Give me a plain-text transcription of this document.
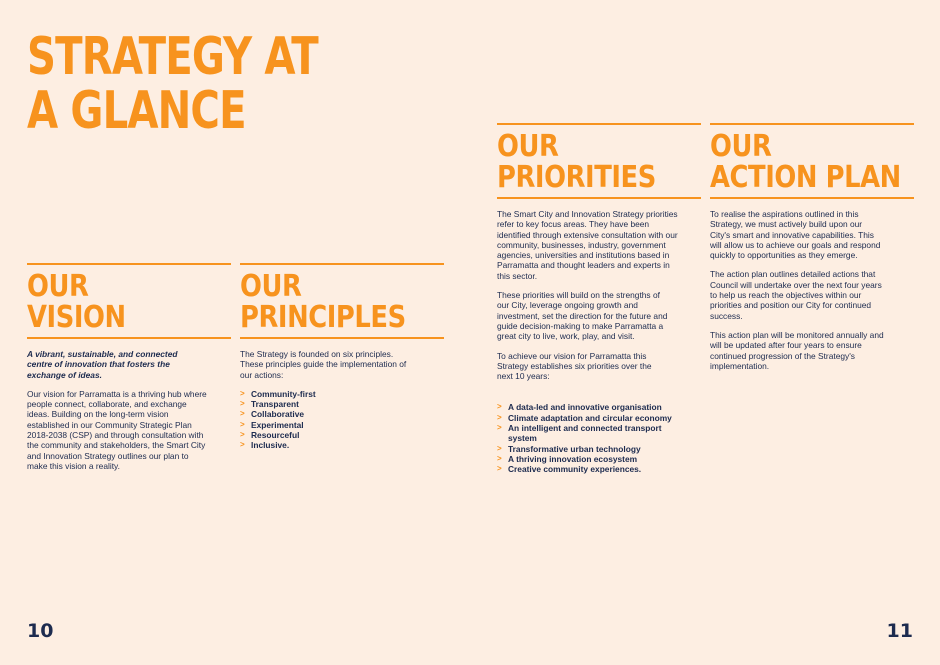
STRATEGY AT
A GLANCE
OUR
VISION

A vibrant, sustainable, and connected centre of innovation that fosters the exchange of ideas.

Our vision for Parramatta is a thriving hub where people connect, collaborate, and exchange ideas. Building on the long-term vision established in our Community Strategic Plan 2018-2038 (CSP) and through consultation with the community and stakeholders, the Smart City and Innovation Strategy outlines our plan to make this vision a reality.

OUR
PRINCIPLES

The Strategy is founded on six principles. These principles guide the implementation of our actions:

> Community-first
> Transparent
> Collaborative
> Experimental
> Resourceful
> Inclusive.
OUR
PRIORITIES

The Smart City and Innovation Strategy priorities refer to key focus areas. They have been identified through extensive consultation with our community, businesses, industry, government agencies, universities and institutions based in Parramatta and thought leaders and experts in this sector.

These priorities will build on the strengths of our City, leverage ongoing growth and investment, set the direction for the future and guide decision-making to make Parramatta a great city to live, work, play, and visit.

To achieve our vision for Parramatta this Strategy establishes six priorities over the next 10 years:

> A data-led and innovative organisation
> Climate adaptation and circular economy
> An intelligent and connected transport system
> Transformative urban technology
> A thriving innovation ecosystem
> Creative community experiences.
OUR
ACTION PLAN

To realise the aspirations outlined in this Strategy, we must actively build upon our City's smart and innovative capabilities. This will allow us to achieve our goals and respond quickly to opportunities as they emerge.

The action plan outlines detailed actions that Council will undertake over the next four years to help us reach the objectives within our priorities and position our City for continued success.

This action plan will be monitored annually and will be updated after four years to ensure continued progression of the Strategy's implementation.

10	11
